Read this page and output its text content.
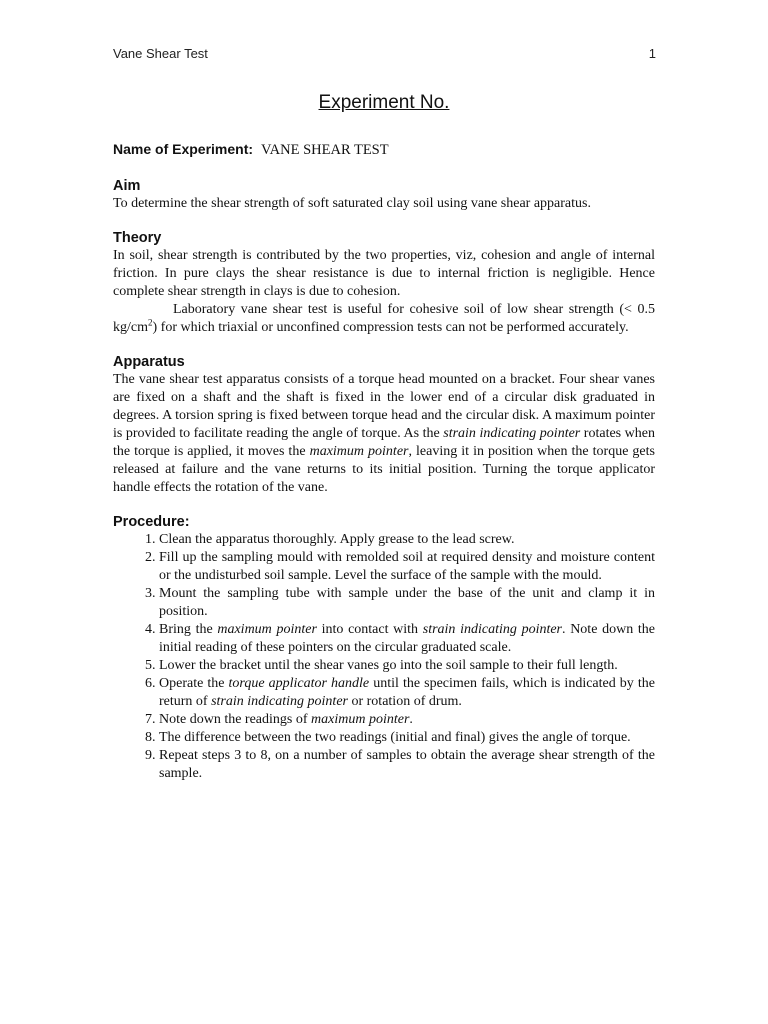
Vane Shear Test	1
Experiment No.
Name of Experiment: VANE SHEAR TEST
Aim

To determine the shear strength of soft saturated clay soil using vane shear apparatus.

Theory

In soil, shear strength is contributed by the two properties, viz, cohesion and angle of internal friction. In pure clays the shear resistance is due to internal friction is negligible. Hence complete shear strength in clays is due to cohesion.

Laboratory vane shear test is useful for cohesive soil of low shear strength (< 0.5 $kg/cm^2$) for which triaxial or unconfined compression tests can not be performed accurately.

Apparatus

The vane shear test apparatus consists of a torque head mounted on a bracket. Four shear vanes are fixed on a shaft and the shaft is fixed in the lower end of a circular disk graduated in degrees. A torsion spring is fixed between torque head and the circular disk. A maximum pointer is provided to facilitate reading the angle of torque. As the strain indicating pointer rotates when the torque is applied, it moves the maximum pointer, leaving it in position when the torque gets released at failure and the vane returns to its initial position. Turning the torque applicator handle effects the rotation of the vane.

Procedure:
1. Clean the apparatus thoroughly. Apply grease to the lead screw.
2. Fill up the sampling mould with remolded soil at required density and moisture content or the undisturbed soil sample. Level the surface of the sample with the mould.
3. Mount the sampling tube with sample under the base of the unit and clamp it in position.
4. Bring the maximum pointer into contact with strain indicating pointer. Note down the initial reading of these pointers on the circular graduated scale.
5. Lower the bracket until the shear vanes go into the soil sample to their full length.
6. Operate the torque applicator handle until the specimen fails, which is indicated by the return of strain indicating pointer or rotation of drum.
7. Note down the readings of maximum pointer.
8. The difference between the two readings (initial and final) gives the angle of torque.
9. Repeat steps 3 to 8, on a number of samples to obtain the average shear strength of the sample.
